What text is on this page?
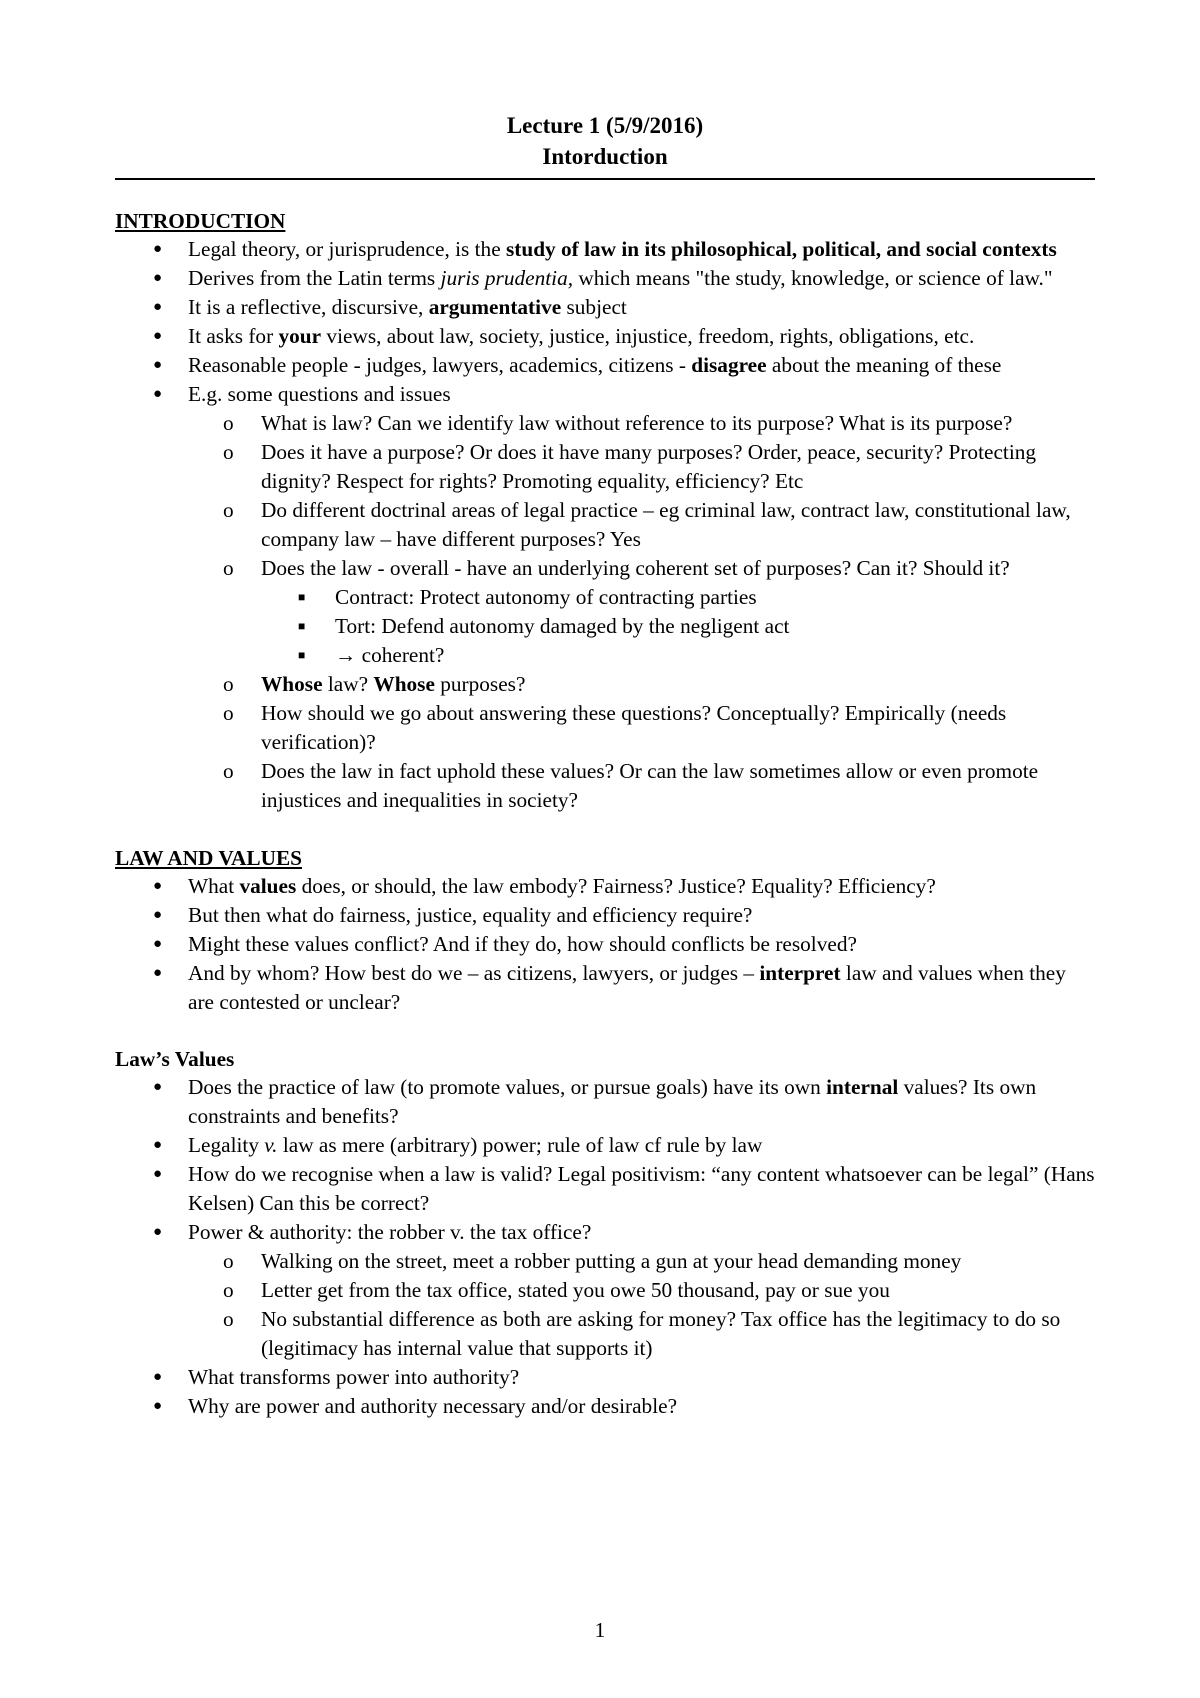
Lecture 1 (5/9/2016)
Intorduction
INTRODUCTION
● Legal theory, or jurisprudence, is the study of law in its philosophical, political, and social contexts
● Derives from the Latin terms juris prudentia, which means "the study, knowledge, or science of law."
● It is a reflective, discursive, argumentative subject
● It asks for your views, about law, society, justice, injustice, freedom, rights, obligations, etc.
● Reasonable people - judges, lawyers, academics, citizens - disagree about the meaning of these
● E.g. some questions and issues
o What is law? Can we identify law without reference to its purpose? What is its purpose?
o Does it have a purpose? Or does it have many purposes? Order, peace, security? Protecting dignity? Respect for rights? Promoting equality, efficiency? Etc
o Do different doctrinal areas of legal practice – eg criminal law, contract law, constitutional law, company law – have different purposes? Yes
o Does the law - overall - have an underlying coherent set of purposes? Can it? Should it?
■ Contract: Protect autonomy of contracting parties
■ Tort: Defend autonomy damaged by the negligent act
■ → coherent?
o Whose law? Whose purposes?
o How should we go about answering these questions? Conceptually? Empirically (needs verification)?
o Does the law in fact uphold these values? Or can the law sometimes allow or even promote injustices and inequalities in society?
LAW AND VALUES
● What values does, or should, the law embody? Fairness? Justice? Equality? Efficiency?
● But then what do fairness, justice, equality and efficiency require?
● Might these values conflict? And if they do, how should conflicts be resolved?
● And by whom? How best do we – as citizens, lawyers, or judges – interpret law and values when they are contested or unclear?
Law’s Values
● Does the practice of law (to promote values, or pursue goals) have its own internal values? Its own constraints and benefits?
● Legality v. law as mere (arbitrary) power; rule of law cf rule by law
● How do we recognise when a law is valid? Legal positivism: “any content whatsoever can be legal” (Hans Kelsen) Can this be correct?
● Power & authority: the robber v. the tax office?
o Walking on the street, meet a robber putting a gun at your head demanding money
o Letter get from the tax office, stated you owe 50 thousand, pay or sue you
o No substantial difference as both are asking for money? Tax office has the legitimacy to do so (legitimacy has internal value that supports it)
● What transforms power into authority?
● Why are power and authority necessary and/or desirable?
1
